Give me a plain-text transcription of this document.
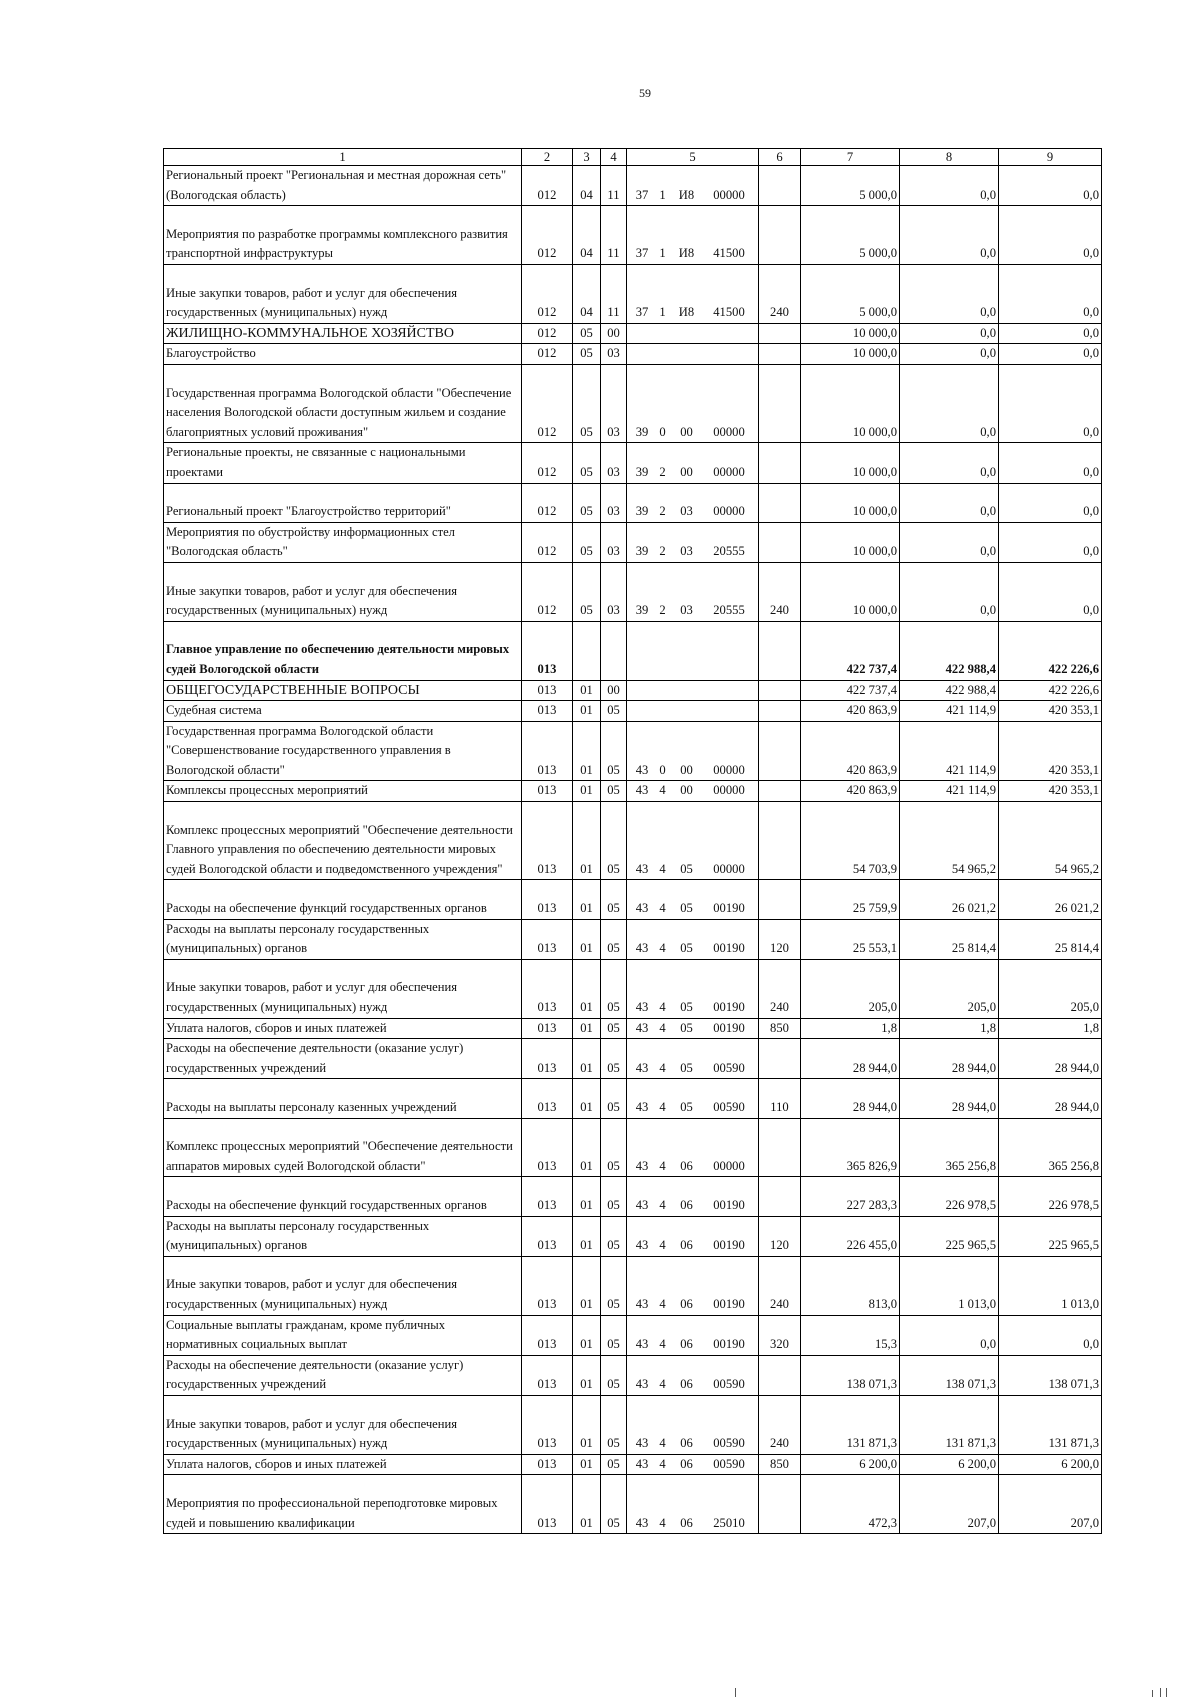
59
1	2	3	4	5	6	7	8	9
Региональный проект "Региональная и местная дорожная сеть" (Вологодская область)	012	04	11	37 1 И8 00000		5 000,0	0,0	0,0
Мероприятия по разработке программы комплексного развития транспортной инфраструктуры	012	04	11	37 1 И8 41500		5 000,0	0,0	0,0
Иные закупки товаров, работ и услуг для обеспечения государственных (муниципальных) нужд	012	04	11	37 1 И8 41500	240	5 000,0	0,0	0,0
ЖИЛИЩНО-КОММУНАЛЬНОЕ ХОЗЯЙСТВО	012	05	00			10 000,0	0,0	0,0
Благоустройство	012	05	03			10 000,0	0,0	0,0
Государственная программа Вологодской области "Обеспечение населения Вологодской области доступным жильем и создание благоприятных условий проживания"	012	05	03	39 0 00 00000		10 000,0	0,0	0,0
Региональные проекты, не связанные с национальными проектами	012	05	03	39 2 00 00000		10 000,0	0,0	0,0
Региональный проект "Благоустройство территорий"	012	05	03	39 2 03 00000		10 000,0	0,0	0,0
Мероприятия по обустройству информационных стел "Вологодская область"	012	05	03	39 2 03 20555		10 000,0	0,0	0,0
Иные закупки товаров, работ и услуг для обеспечения государственных (муниципальных) нужд	012	05	03	39 2 03 20555	240	10 000,0	0,0	0,0
Главное управление по обеспечению деятельности мировых судей Вологодской области	013					422 737,4	422 988,4	422 226,6
ОБЩЕГОСУДАРСТВЕННЫЕ ВОПРОСЫ	013	01	00			422 737,4	422 988,4	422 226,6
Судебная система	013	01	05			420 863,9	421 114,9	420 353,1
Государственная программа Вологодской области "Совершенствование государственного управления в Вологодской области"	013	01	05	43 0 00 00000		420 863,9	421 114,9	420 353,1
Комплексы процессных мероприятий	013	01	05	43 4 00 00000		420 863,9	421 114,9	420 353,1
Комплекс процессных мероприятий "Обеспечение деятельности Главного управления по обеспечению деятельности мировых судей Вологодской области и подведомственного учреждения"	013	01	05	43 4 05 00000		54 703,9	54 965,2	54 965,2
Расходы на обеспечение функций государственных органов	013	01	05	43 4 05 00190		25 759,9	26 021,2	26 021,2
Расходы на выплаты персоналу государственных (муниципальных) органов	013	01	05	43 4 05 00190	120	25 553,1	25 814,4	25 814,4
Иные закупки товаров, работ и услуг для обеспечения государственных (муниципальных) нужд	013	01	05	43 4 05 00190	240	205,0	205,0	205,0
Уплата налогов, сборов и иных платежей	013	01	05	43 4 05 00190	850	1,8	1,8	1,8
Расходы на обеспечение деятельности (оказание услуг) государственных учреждений	013	01	05	43 4 05 00590		28 944,0	28 944,0	28 944,0
Расходы на выплаты персоналу казенных учреждений	013	01	05	43 4 05 00590	110	28 944,0	28 944,0	28 944,0
Комплекс процессных мероприятий "Обеспечение деятельности аппаратов мировых судей Вологодской области"	013	01	05	43 4 06 00000		365 826,9	365 256,8	365 256,8
Расходы на обеспечение функций государственных органов	013	01	05	43 4 06 00190		227 283,3	226 978,5	226 978,5
Расходы на выплаты персоналу государственных (муниципальных) органов	013	01	05	43 4 06 00190	120	226 455,0	225 965,5	225 965,5
Иные закупки товаров, работ и услуг для обеспечения государственных (муниципальных) нужд	013	01	05	43 4 06 00190	240	813,0	1 013,0	1 013,0
Социальные выплаты гражданам, кроме публичных нормативных социальных выплат	013	01	05	43 4 06 00190	320	15,3	0,0	0,0
Расходы на обеспечение деятельности (оказание услуг) государственных учреждений	013	01	05	43 4 06 00590		138 071,3	138 071,3	138 071,3
Иные закупки товаров, работ и услуг для обеспечения государственных (муниципальных) нужд	013	01	05	43 4 06 00590	240	131 871,3	131 871,3	131 871,3
Уплата налогов, сборов и иных платежей	013	01	05	43 4 06 00590	850	6 200,0	6 200,0	6 200,0
Мероприятия по профессиональной переподготовке мировых судей и повышению квалификации	013	01	05	43 4 06 25010		472,3	207,0	207,0
